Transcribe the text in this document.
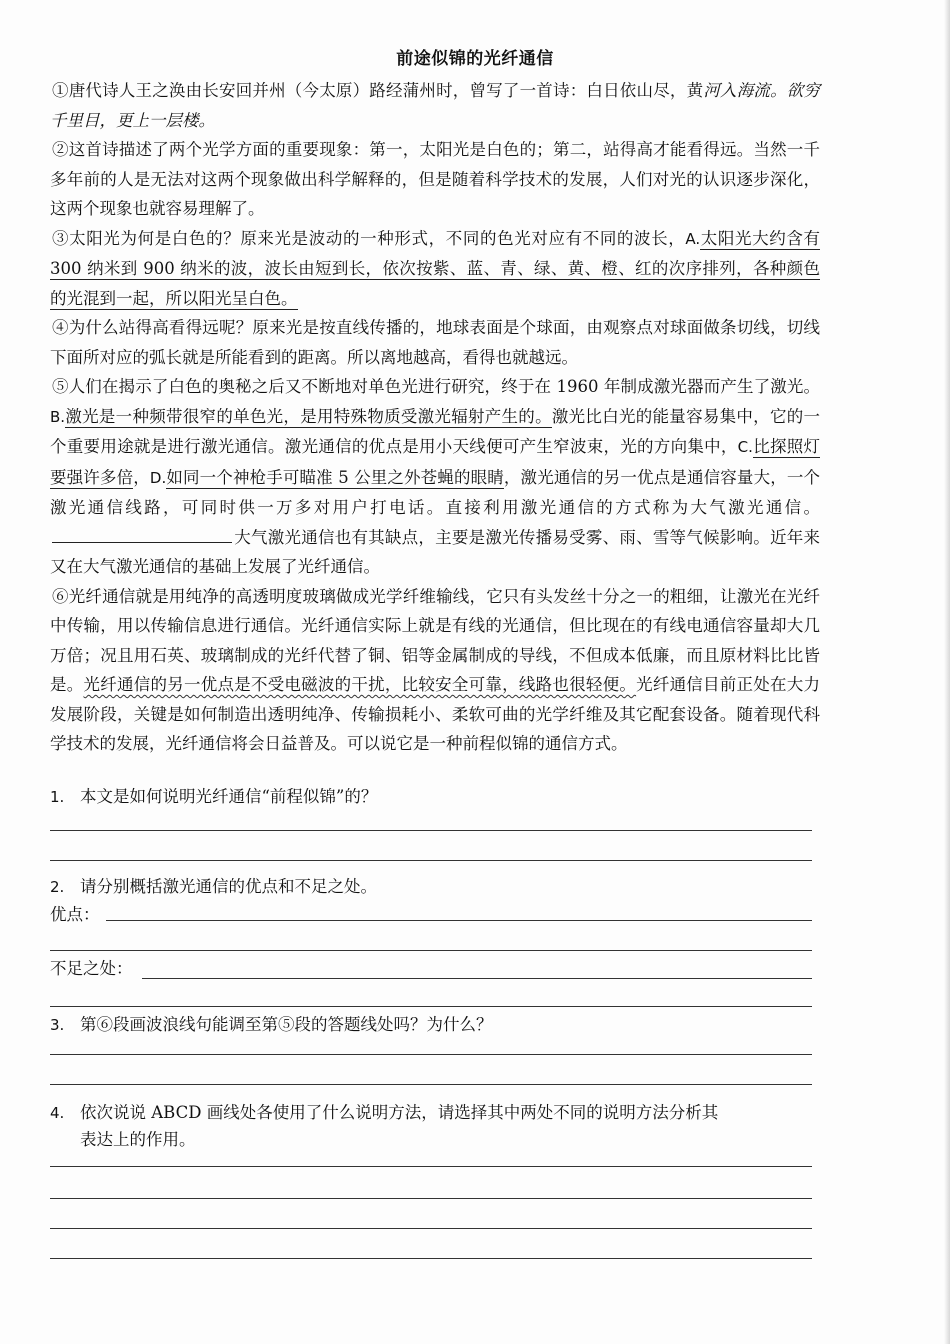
前途似锦的光纤通信

①唐代诗人王之涣由长安回并州（今太原）路经蒲州时，曾写了一首诗：白日依山尽，黄河入海流。欲穷千里目，更上一层楼。

②这首诗描述了两个光学方面的重要现象：第一，太阳光是白色的；第二，站得高才能看得远。当然一千多年前的人是无法对这两个现象做出科学解释的，但是随着科学技术的发展，人们对光的认识逐步深化，这两个现象也就容易理解了。

③太阳光为何是白色的？原来光是波动的一种形式，不同的色光对应有不同的波长，A.太阳光大约含有 300 纳米到 900 纳米的波，波长由短到长，依次按紫、蓝、青、绿、黄、橙、红的次序排列，各种颜色的光混到一起，所以阳光呈白色。

④为什么站得高看得远呢？原来光是按直线传播的，地球表面是个球面，由观察点对球面做条切线，切线下面所对应的弧长就是所能看到的距离。所以离地越高，看得也就越远。

⑤人们在揭示了白色的奥秘之后又不断地对单色光进行研究，终于在 1960 年制成激光器而产生了激光。B.激光是一种频带很窄的单色光，是用特殊物质受激光辐射产生的。激光比白光的能量容易集中，它的一个重要用途就是进行激光通信。激光通信的优点是用小天线便可产生窄波束，光的方向集中，C.比探照灯要强许多倍，D.如同一个神枪手可瞄准 5 公里之外苍蝇的眼睛，激光通信的另一优点是通信容量大，一个激光通信线路，可同时供一万多对用户打电话。直接利用激光通信的方式称为大气激光通信。大气激光通信也有其缺点，主要是激光传播易受雾、雨、雪等气候影响。近年来又在大气激光通信的基础上发展了光纤通信。

⑥光纤通信就是用纯净的高透明度玻璃做成光学纤维输线，它只有头发丝十分之一的粗细，让激光在光纤中传输，用以传输信息进行通信。光纤通信实际上就是有线的光通信，但比现在的有线电通信容量却大几万倍；况且用石英、玻璃制成的光纤代替了铜、铝等金属制成的导线，不但成本低廉，而且原材料比比皆是。光纤通信的另一优点是不受电磁波的干扰，比较安全可靠，线路也很轻便。光纤通信目前正处在大力发展阶段，关键是如何制造出透明纯净、传输损耗小、柔软可曲的光学纤维及其它配套设备。随着现代科学技术的发展，光纤通信将会日益普及。可以说它是一种前程似锦的通信方式。

1. 本文是如何说明光纤通信“前程似锦”的？
2. 请分别概括激光通信的优点和不足之处。
优点：
不足之处：
3. 第⑥段画波浪线句能调至第⑤段的答题线处吗？为什么？
4. 依次说说 ABCD 画线处各使用了什么说明方法，请选择其中两处不同的说明方法分析其
表达上的作用。
